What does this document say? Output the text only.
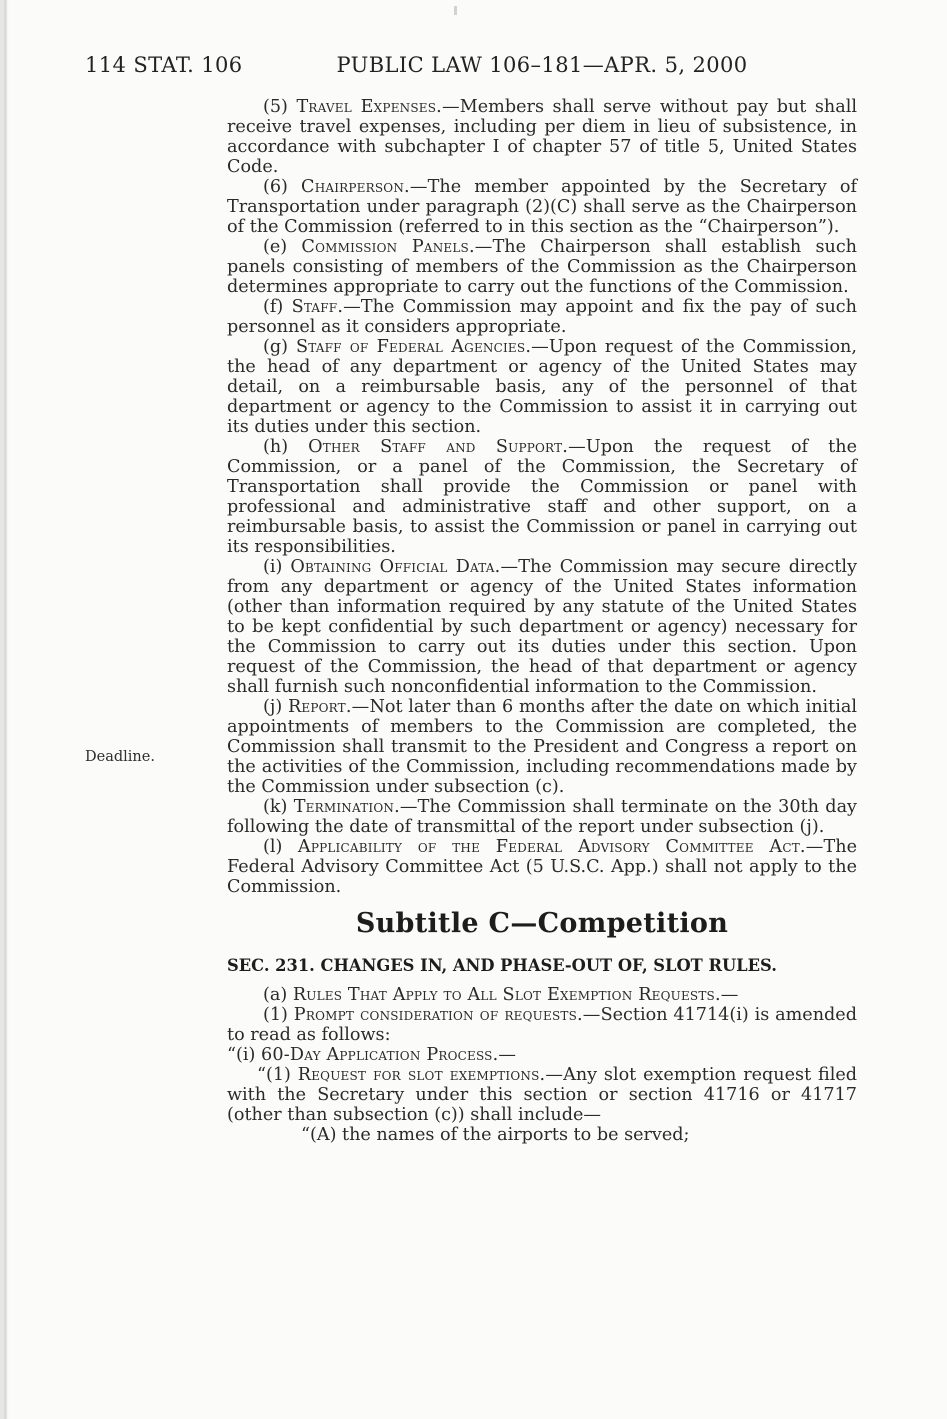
114 STAT. 106	PUBLIC LAW 106–181—APR. 5, 2000
Deadline.

(5) Travel Expenses.—Members shall serve without pay but shall receive travel expenses, including per diem in lieu of subsistence, in accordance with subchapter I of chapter 57 of title 5, United States Code.

(6) Chairperson.—The member appointed by the Secretary of Transportation under paragraph (2)(C) shall serve as the Chairperson of the Commission (referred to in this section as the “Chairperson”).

(e) Commission Panels.—The Chairperson shall establish such panels consisting of members of the Commission as the Chairperson determines appropriate to carry out the functions of the Commission.

(f) Staff.—The Commission may appoint and fix the pay of such personnel as it considers appropriate.

(g) Staff of Federal Agencies.—Upon request of the Commission, the head of any department or agency of the United States may detail, on a reimbursable basis, any of the personnel of that department or agency to the Commission to assist it in carrying out its duties under this section.

(h) Other Staff and Support.—Upon the request of the Commission, or a panel of the Commission, the Secretary of Transportation shall provide the Commission or panel with professional and administrative staff and other support, on a reimbursable basis, to assist the Commission or panel in carrying out its responsibilities.

(i) Obtaining Official Data.—The Commission may secure directly from any department or agency of the United States information (other than information required by any statute of the United States to be kept confidential by such department or agency) necessary for the Commission to carry out its duties under this section. Upon request of the Commission, the head of that department or agency shall furnish such nonconfidential information to the Commission.

(j) Report.—Not later than 6 months after the date on which initial appointments of members to the Commission are completed, the Commission shall transmit to the President and Congress a report on the activities of the Commission, including recommendations made by the Commission under subsection (c).

(k) Termination.—The Commission shall terminate on the 30th day following the date of transmittal of the report under subsection (j).

(l) Applicability of the Federal Advisory Committee Act.—The Federal Advisory Committee Act (5 U.S.C. App.) shall not apply to the Commission.

Subtitle C—Competition

SEC. 231. CHANGES IN, AND PHASE-OUT OF, SLOT RULES.

(a) Rules That Apply to All Slot Exemption Requests.—

(1) Prompt consideration of requests.—Section 41714(i) is amended to read as follows:

“(i) 60-Day Application Process.—

“(1) Request for slot exemptions.—Any slot exemption request filed with the Secretary under this section or section 41716 or 41717 (other than subsection (c)) shall include—

“(A) the names of the airports to be served;
